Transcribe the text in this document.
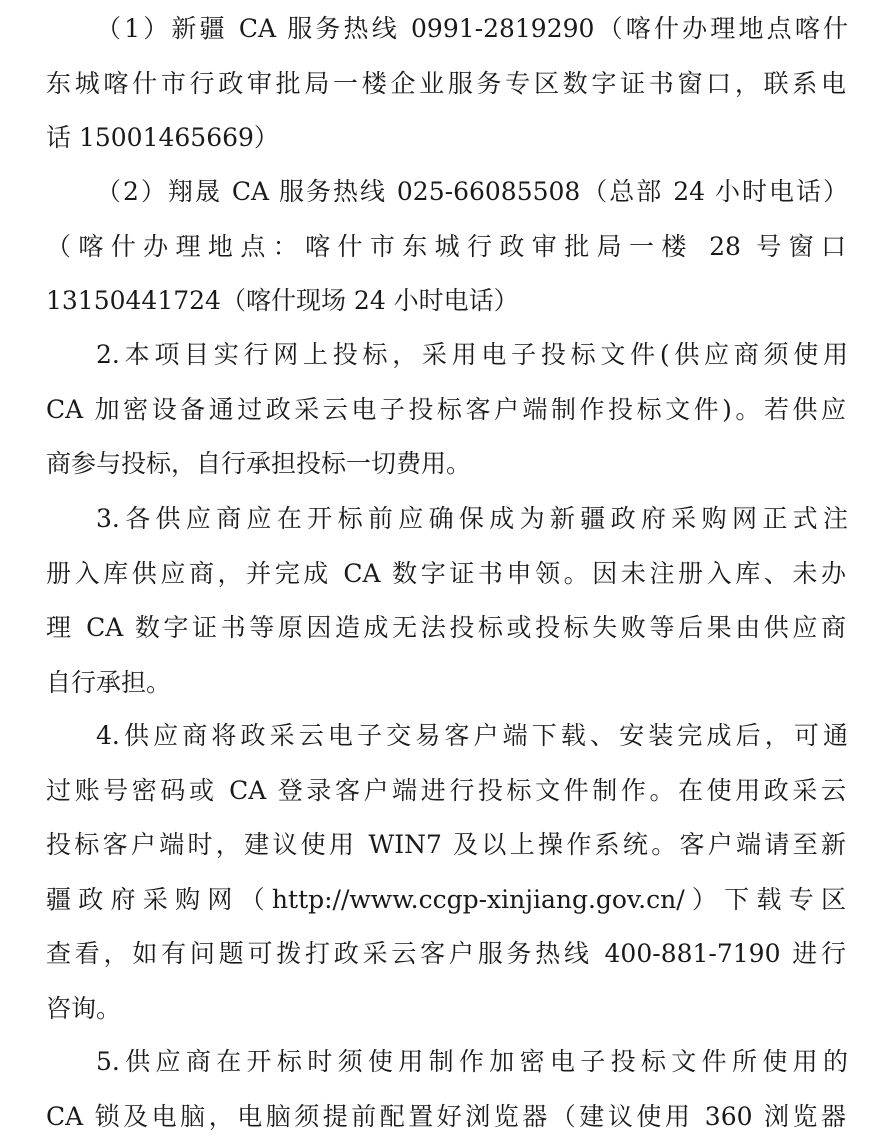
（1）新疆 CA 服务热线 0991-2819290（喀什办理地点喀什
东城喀什市行政审批局一楼企业服务专区数字证书窗口，联系电
话 15001465669）
（2）翔晟 CA 服务热线 025-66085508（总部 24 小时电话）
（喀什办理地点：喀什市东城行政审批局一楼 28 号窗口
13150441724（喀什现场 24 小时电话）
2.本项目实行网上投标，采用电子投标文件(供应商须使用
CA 加密设备通过政采云电子投标客户端制作投标文件)。若供应
商参与投标，自行承担投标一切费用。
3.各供应商应在开标前应确保成为新疆政府采购网正式注
册入库供应商，并完成 CA 数字证书申领。因未注册入库、未办
理 CA 数字证书等原因造成无法投标或投标失败等后果由供应商
自行承担。
4.供应商将政采云电子交易客户端下载、安装完成后，可通
过账号密码或 CA 登录客户端进行投标文件制作。在使用政采云
投标客户端时，建议使用 WIN7 及以上操作系统。客户端请至新
疆政府采购网（http://www.ccgp-xinjiang.gov.cn/）下载专区
查看，如有问题可拨打政采云客户服务热线 400-881-7190 进行
咨询。
5.供应商在开标时须使用制作加密电子投标文件所使用的
CA 锁及电脑，电脑须提前配置好浏览器（建议使用 360 浏览器
